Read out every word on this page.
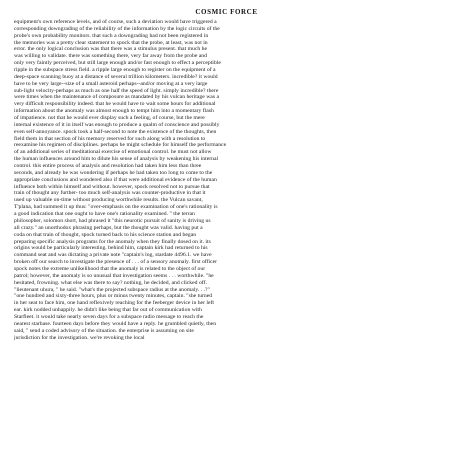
COSMIC FORCE
equipment's own reference levels, and of course, such a deviation would have triggered a
corresponding downgrading of the reliability of the information by the logic circuits of the
probe's own probability monitors. that such a downgrading had not been registered in
the memories was a pretty clear statement to spock that the probe, at least, was not in
error. the only logical conclusion was that there was a stimulus present. that much he
was willing to validate. there was something there, very far away from the probe and
only very faintly perceived, but still large enough and/or fast enough to effect a perceptible
ripple in the subspace stress field. a ripple large enough to register on the equipment of a
deep-space scanning buoy at a distance of several trillion kilometers. incredible? it would
have to be very large--size of a small asteroid perhaps--and/or moving at a very large
sub-light velocity-perhaps as much as one half the speed of light. simply incredible? there
were times when the maintenance of composure as mandated by his vulcan heritage was a
very difficult responsibility indeed. that he would have to wait some hours for additional
information about the anomaly was almost enough to tempt him into a momentary flash
of impatience. not that he would ever display such a feeling, of course, but the mere
internal existence of it in itself was enough to produce a qualm of conscience and possibly
even self-annoyance. spock took a half-second to note the existence of the thoughts, then
field them in that section of his memory reserved for such along with a resolution to
reexamine his regimen of disciplines. perhaps he might schedule for himself the performance
of an additional series of meditational exercise of emotional control. he must not allow
the human influences around him to dilute his sense of analysis by weakening his internal
control. this entire process of analysis and resolution had taken him less than three
seconds, and already he was wondering if perhaps he had taken too long to come to the
appropriate conclusions and wondered also if that were additional evidence of the human
influence both within himself and without. however, spock resolved not to pursue that
train of thought any further- too much self-analysis was counter-productive in that it
used up valuable on-time without producing worthwhile results. the Vulcan savant,
T'plana, had summed it up thus: "over-emphasis on the examination of one's rationality is
a good indication that one ought to have one's rationality examined. " the terran
philosopher, solomon short, had phrased it "this neurotic pursuit of sanity is driving us
all crazy." an unorthodox phrasing perhaps, but the thought was valid. having put a
coda on that train of thought, spock turned back to his science station and began
preparing specific analysis programs for the anomaly when they finally dosed on it. its
origins would be particularly interesting. behind him, captain kirk had returned to his
command seat and was dictating a private note "captain's log, stardate 4496.1. we have
broken off our search to investigate the presence of . . . of a sensory anomaly. first officer
spock notes the extreme unlikelihood that the anomaly is related to the object of our
patrol; however, the anomaly is so unusual that investigation seems . . . worthwhile. "he
hesitated, frowning. what else was there to say? nothing, he decided, and clicked off.
"lieutenant uhura, " he said. "what's the projected subspace radius at the anomaly. . .?"
"one hundred and sixty-three hours, plus or minus twenty minutes, captain. "she turned
in her seat to face him, one hand reflexively reaching for the feeberger device in her left
ear. kirk nodded unhappily. he didn't like being that far out of communication with
Starfleet. it would take nearly seven days for a subspace radio message to reach the
nearest starbase. fourteen days before they would have a reply. he grumbled quietly, then
said, " send a coded advisory of the situation. the enterprise is assuming on site
jurisdiction for the investigation. we're revoking the local
